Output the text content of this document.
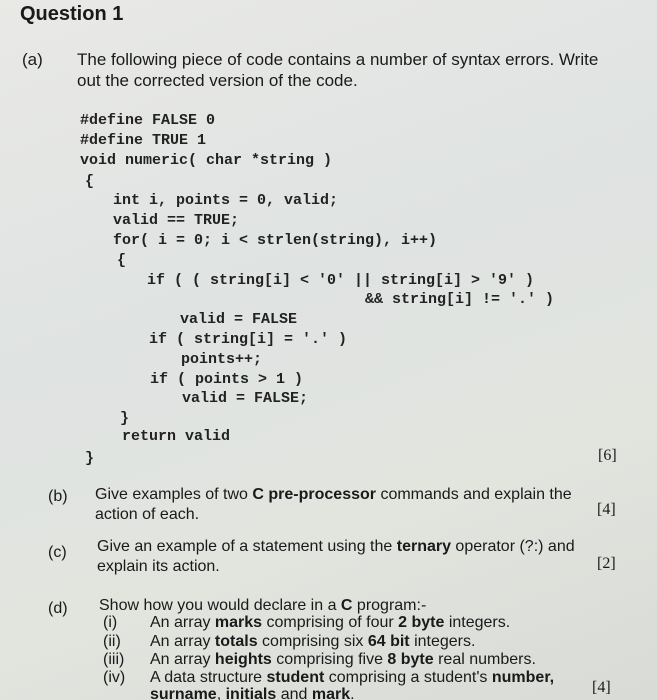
Question 1
(a) The following piece of code contains a number of syntax errors. Write
out the corrected version of the code.
#define FALSE 0
#define TRUE 1
void numeric( char *string )
{
int i, points = 0, valid;
valid == TRUE;
for( i = 0; i < strlen(string), i++)
{
if ( ( string[i] < '0' || string[i] > '9' )
&& string[i] != '.' )
valid = FALSE
if ( string[i] = '.' )
points++;
if ( points > 1 )
valid = FALSE;
}
return valid
}	[6]
(b) Give examples of two C pre-processor commands and explain the
action of each.	[4]
(c) Give an example of a statement using the ternary operator (?:) and
explain its action.	[2]
(d) Show how you would declare in a C program:-
(i) An array marks comprising of four 2 byte integers.
(ii) An array totals comprising six 64 bit integers.
(iii) An array heights comprising five 8 byte real numbers.
(iv) A data structure student comprising a student's number,
surname, initials and mark.	[4]
